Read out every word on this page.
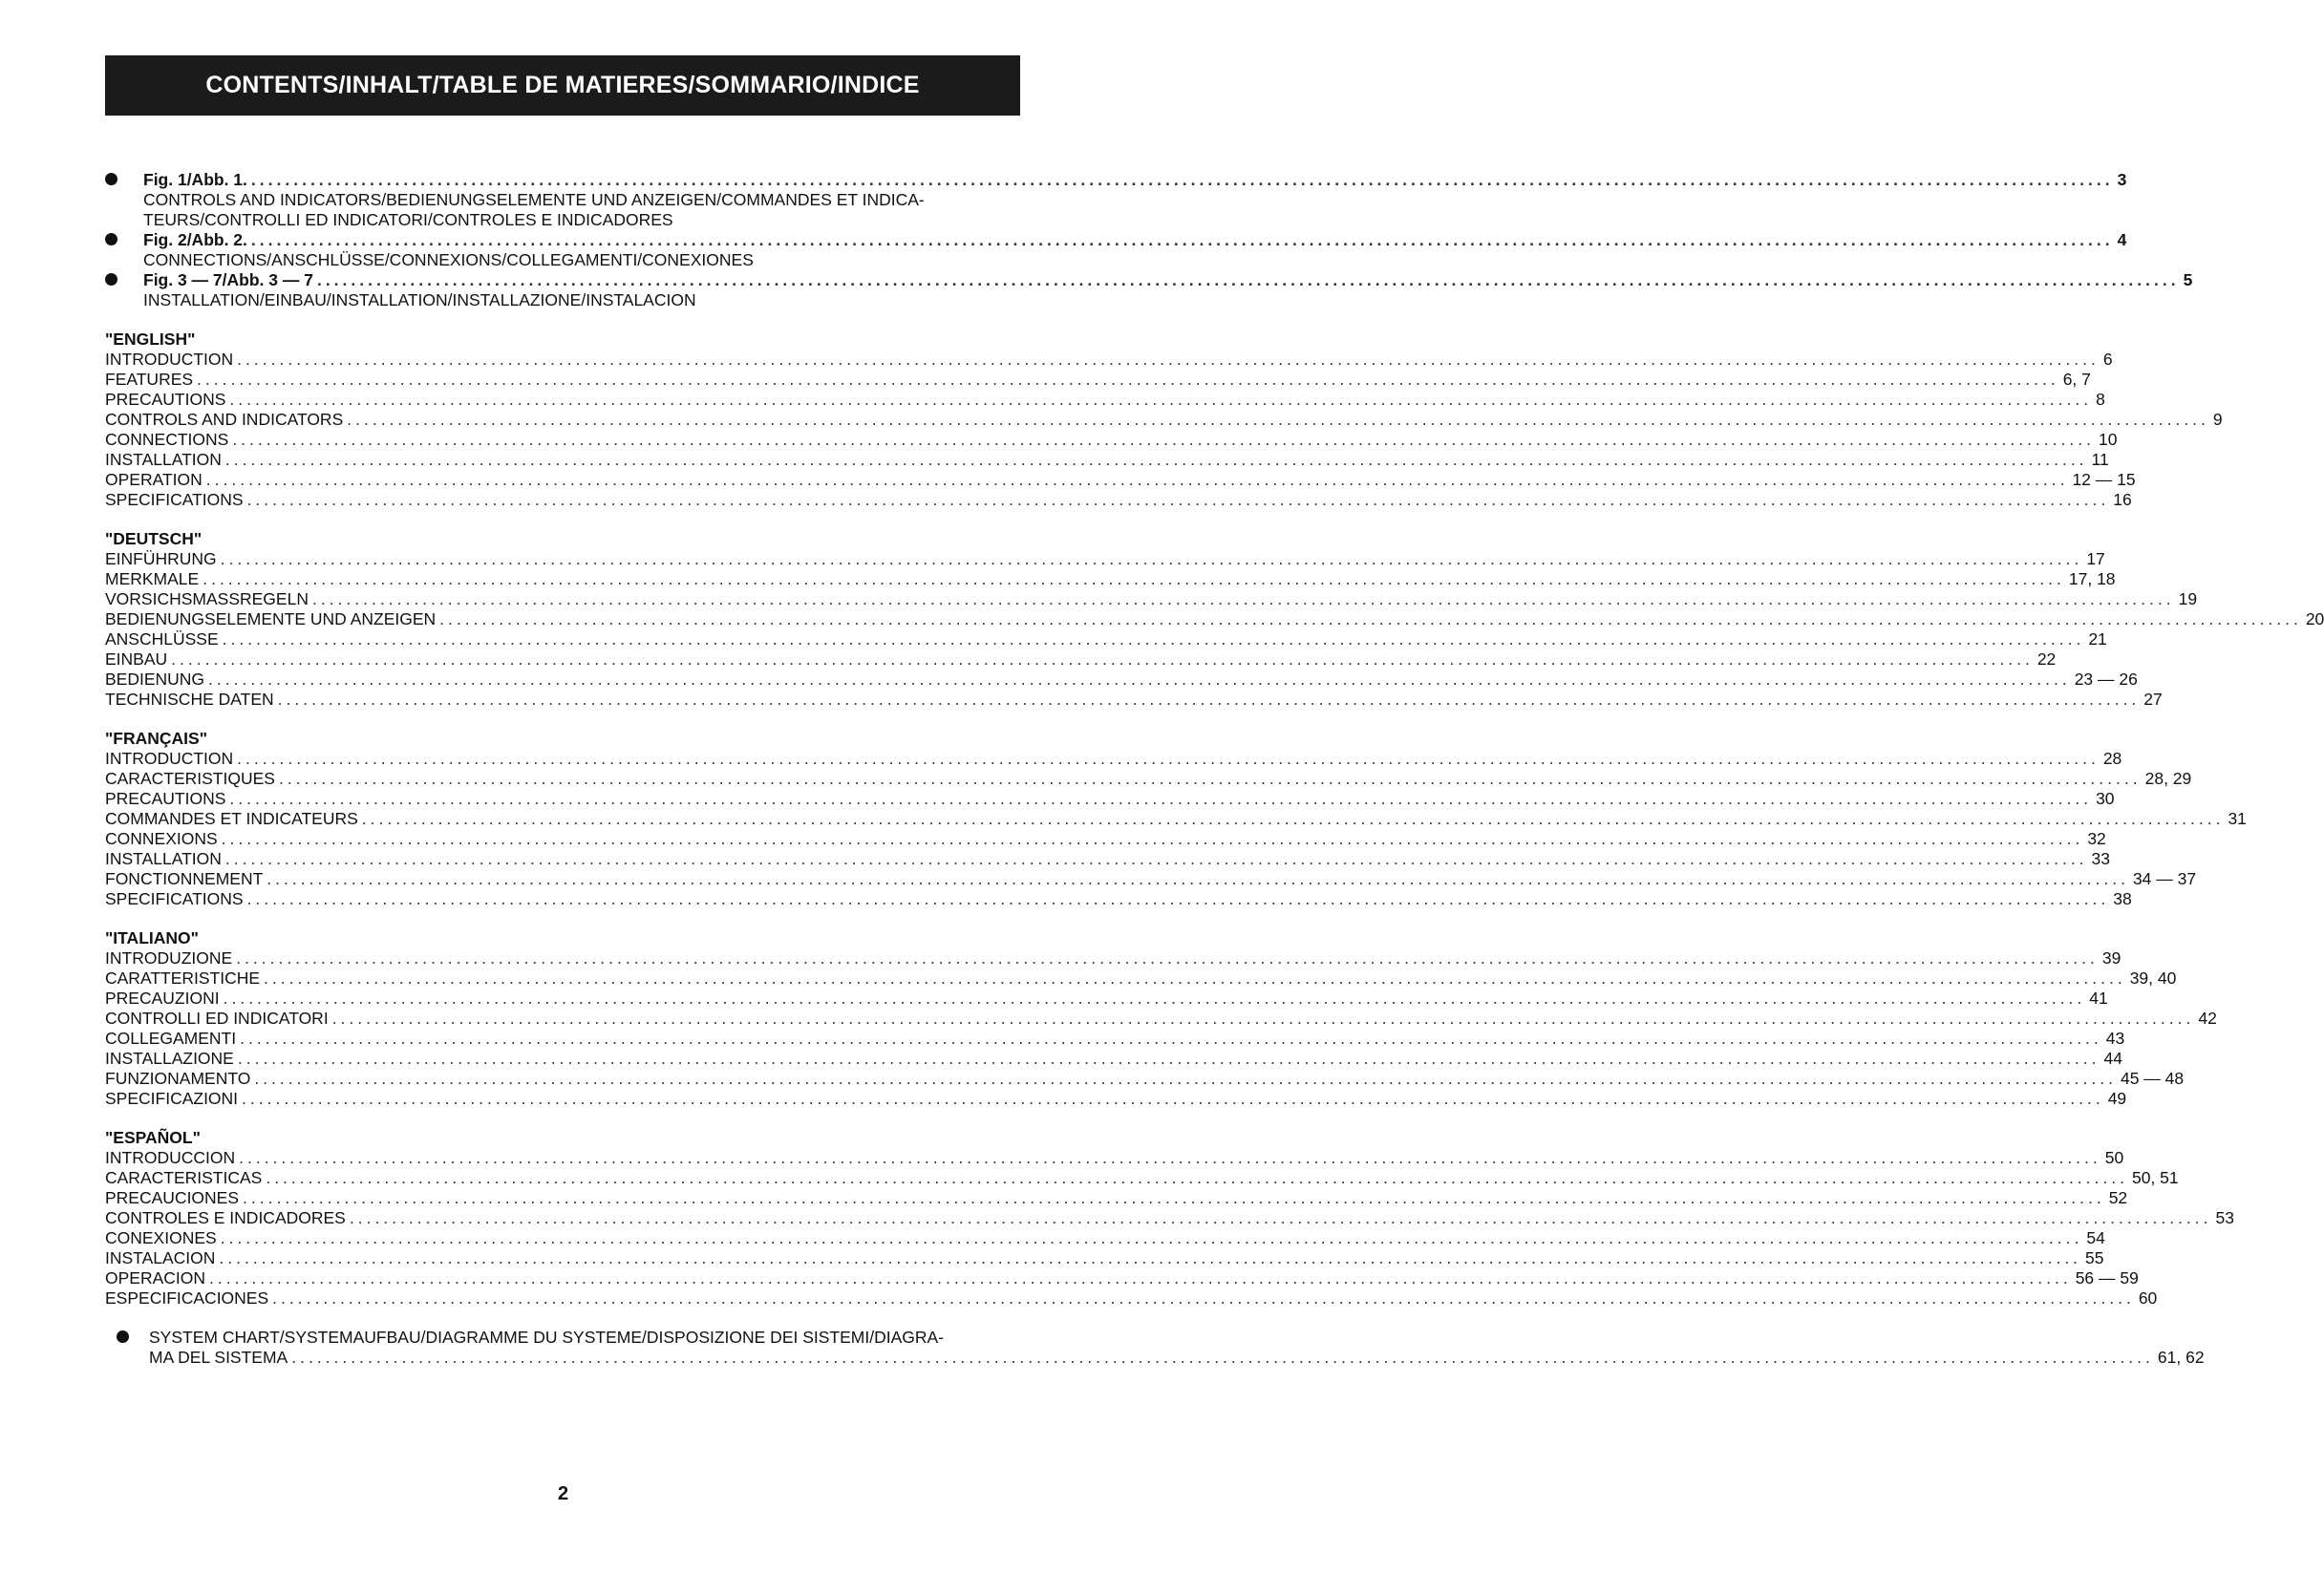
CONTENTS/INHALT/TABLE DE MATIERES/SOMMARIO/INDICE
Fig. 1/Abb. 1. ............................................................................................................................................................................................................................ 3
CONTROLS AND INDICATORS/BEDIENUNGSELEMENTE UND ANZEIGEN/COMMANDES ET INDICA-TEURS/CONTROLLI ED INDICATORI/CONTROLES E INDICADORES
Fig. 2/Abb. 2. ............................................................................................................................................................................................................................ 4
CONNECTIONS/ANSCHLÜSSE/CONNEXIONS/COLLEGAMENTI/CONEXIONES
Fig. 3 — 7/Abb. 3 — 7 ............................................................................................................................................................................................................................ 5
INSTALLATION/EINBAU/INSTALLATION/INSTALLAZIONE/INSTALACION
"ENGLISH"
INTRODUCTION ............................................................................................................................................................................................................................ 6
FEATURES ............................................................................................................................................................................................................................ 6, 7
PRECAUTIONS ............................................................................................................................................................................................................................ 8
CONTROLS AND INDICATORS ............................................................................................................................................................................................................................ 9
CONNECTIONS ............................................................................................................................................................................................................................ 10
INSTALLATION ............................................................................................................................................................................................................................ 11
OPERATION ............................................................................................................................................................................................................................ 12 — 15
SPECIFICATIONS ............................................................................................................................................................................................................................ 16
"DEUTSCH"
EINFÜHRUNG ............................................................................................................................................................................................................................ 17
MERKMALE ............................................................................................................................................................................................................................ 17, 18
VORSICHSMASSREGELN ............................................................................................................................................................................................................................ 19
BEDIENUNGSELEMENTE UND ANZEIGEN ............................................................................................................................................................................................................................ 20
ANSCHLÜSSE ............................................................................................................................................................................................................................ 21
EINBAU ............................................................................................................................................................................................................................ 22
BEDIENUNG ............................................................................................................................................................................................................................ 23 — 26
TECHNISCHE DATEN ............................................................................................................................................................................................................................ 27
"FRANÇAIS"
INTRODUCTION ............................................................................................................................................................................................................................ 28
CARACTERISTIQUES ............................................................................................................................................................................................................................ 28, 29
PRECAUTIONS ............................................................................................................................................................................................................................ 30
COMMANDES ET INDICATEURS ............................................................................................................................................................................................................................ 31
CONNEXIONS ............................................................................................................................................................................................................................ 32
INSTALLATION ............................................................................................................................................................................................................................ 33
FONCTIONNEMENT ............................................................................................................................................................................................................................ 34 — 37
SPECIFICATIONS ............................................................................................................................................................................................................................ 38
"ITALIANO"
INTRODUZIONE ............................................................................................................................................................................................................................ 39
CARATTERISTICHE ............................................................................................................................................................................................................................ 39, 40
PRECAUZIONI ............................................................................................................................................................................................................................ 41
CONTROLLI ED INDICATORI ............................................................................................................................................................................................................................ 42
COLLEGAMENTI ............................................................................................................................................................................................................................ 43
INSTALLAZIONE ............................................................................................................................................................................................................................ 44
FUNZIONAMENTO ............................................................................................................................................................................................................................ 45 — 48
SPECIFICAZIONI ............................................................................................................................................................................................................................ 49
"ESPAÑOL"
INTRODUCCION ............................................................................................................................................................................................................................ 50
CARACTERISTICAS ............................................................................................................................................................................................................................ 50, 51
PRECAUCIONES ............................................................................................................................................................................................................................ 52
CONTROLES E INDICADORES ............................................................................................................................................................................................................................ 53
CONEXIONES ............................................................................................................................................................................................................................ 54
INSTALACION ............................................................................................................................................................................................................................ 55
OPERACION ............................................................................................................................................................................................................................ 56 — 59
ESPECIFICACIONES ............................................................................................................................................................................................................................ 60
SYSTEM CHART/SYSTEMAUFBAU/DIAGRAMME DU SYSTEME/DISPOSIZIONE DEI SISTEMI/DIAGRA-
MA DEL SISTEMA ............................................................................................................................................................................................................................ 61, 62
2
